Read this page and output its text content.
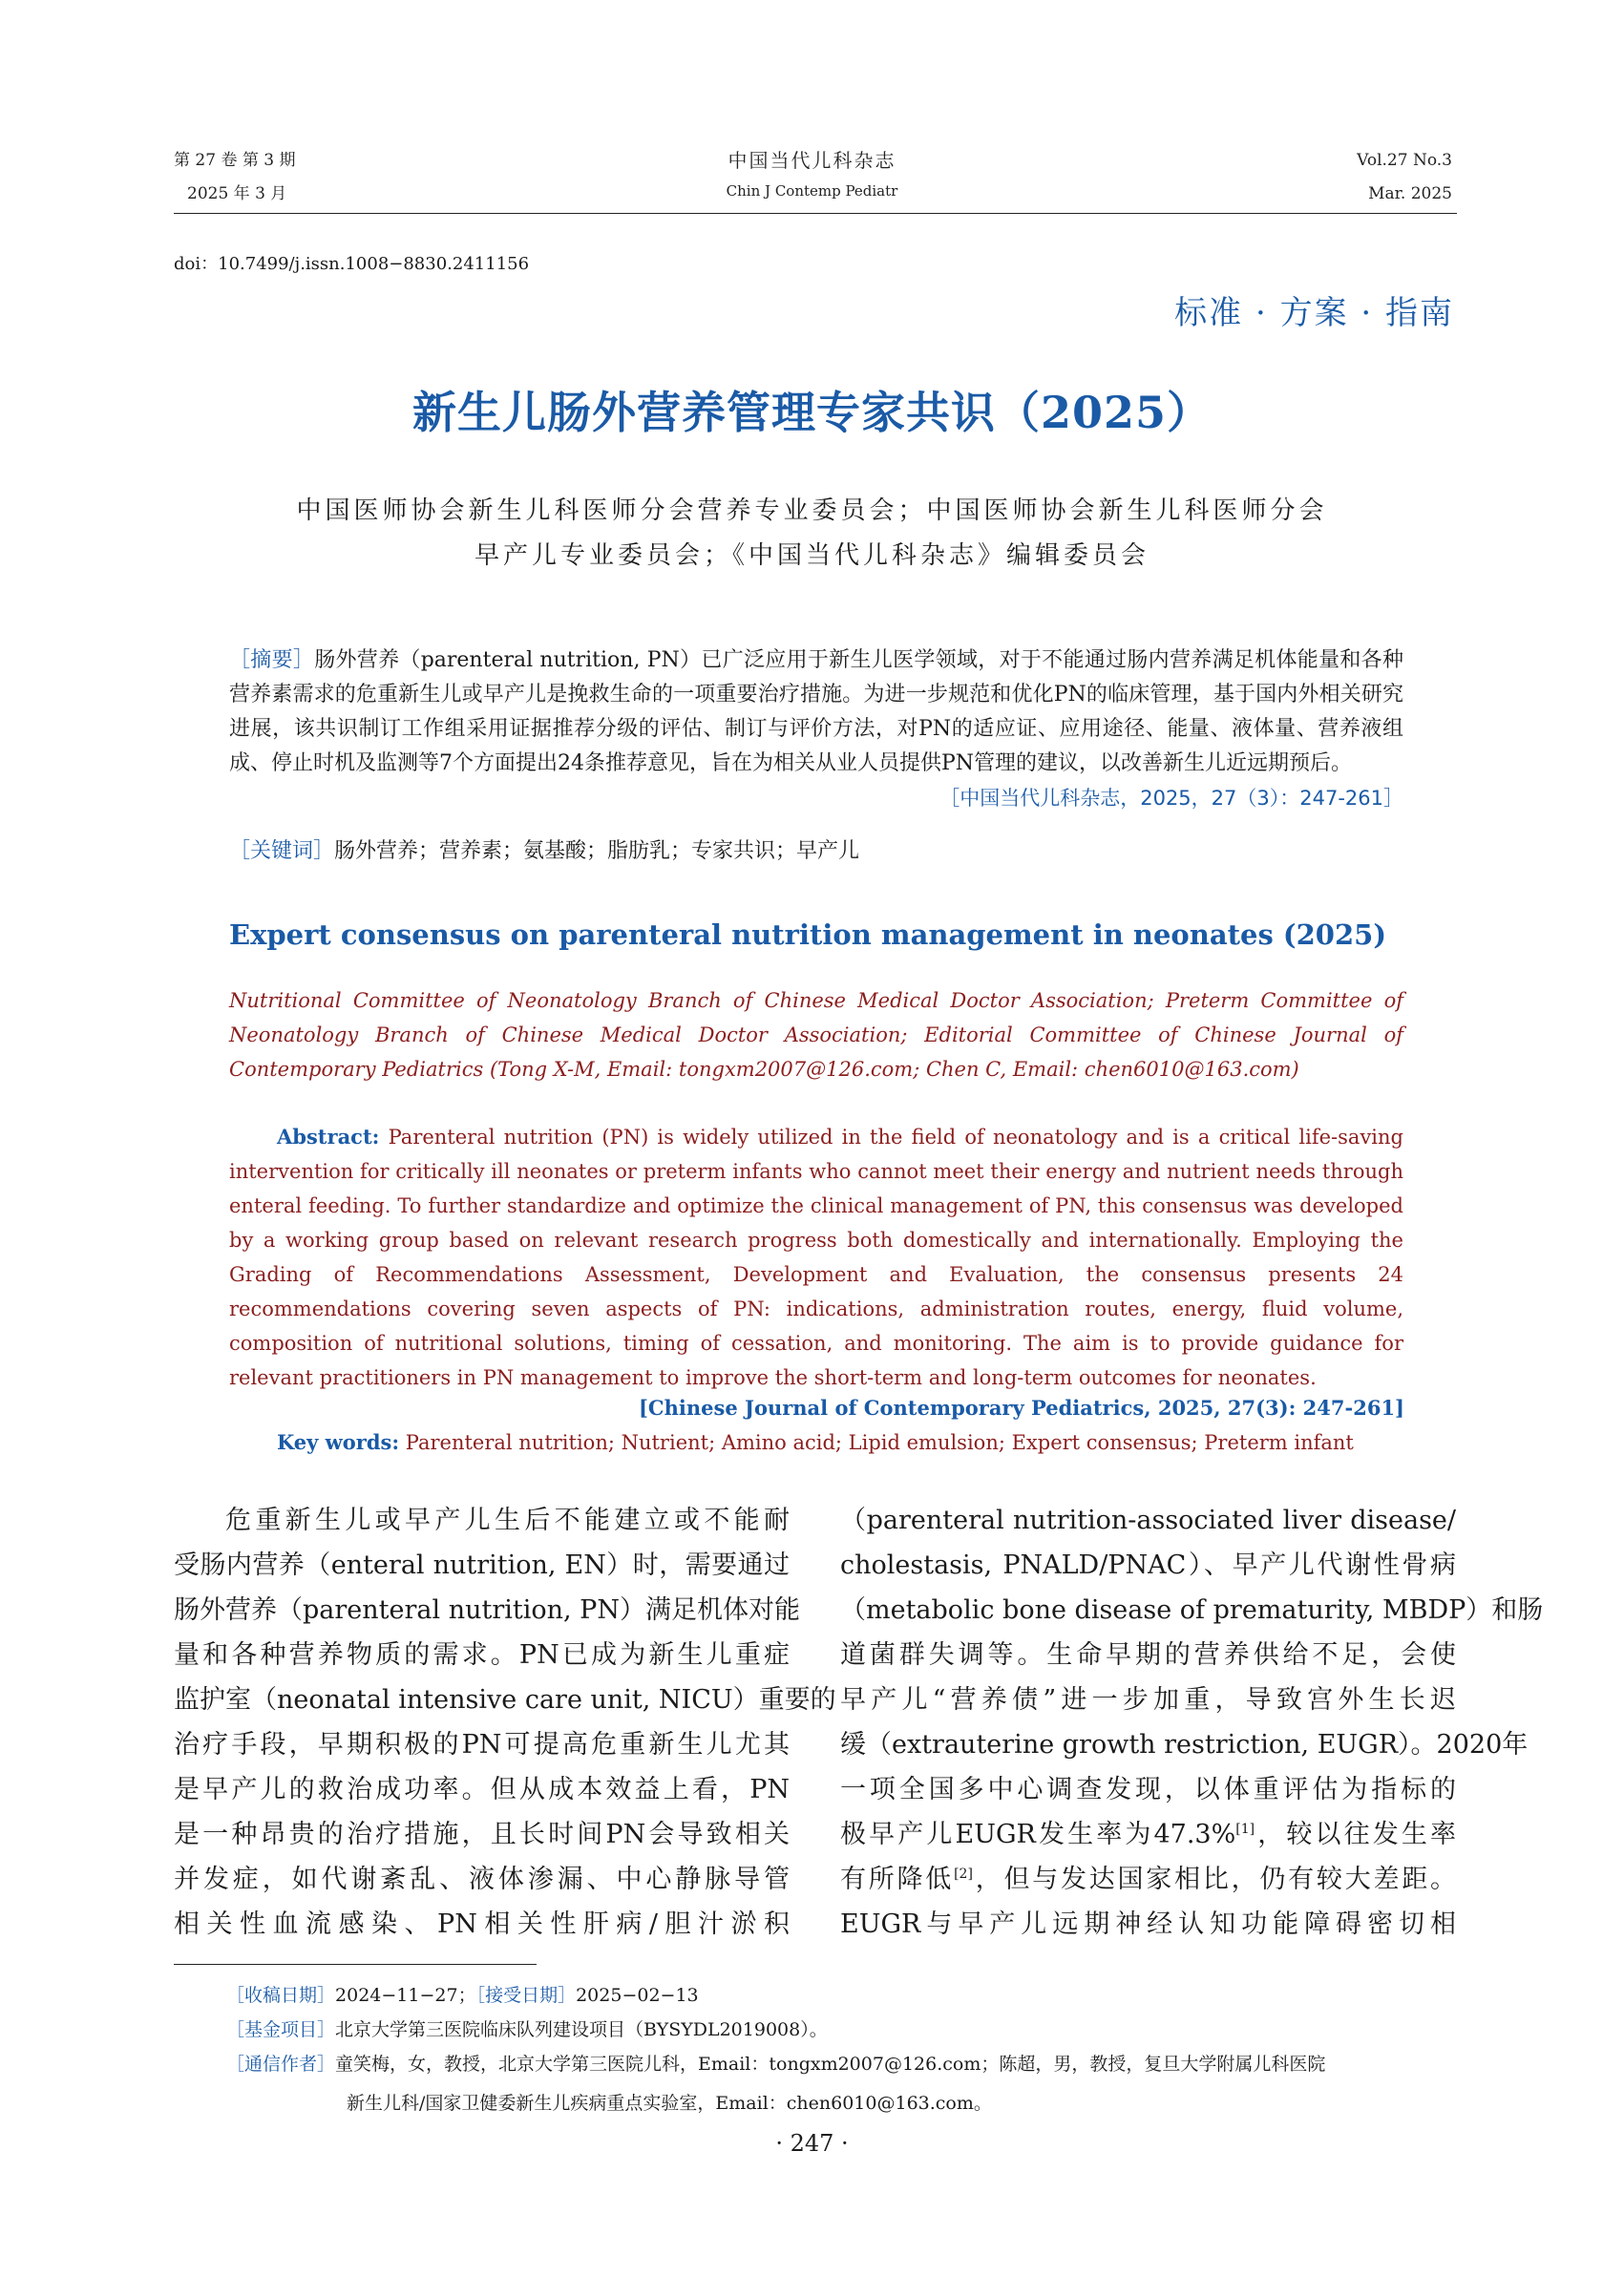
第 27 卷 第 3 期
2025 年 3 月
中国当代儿科杂志
Chin J Contemp Pediatr
Vol.27 No.3
Mar. 2025
doi：10.7499/j.issn.1008−8830.2411156
标准 · 方案 · 指南
新生儿肠外营养管理专家共识（2025）
中国医师协会新生儿科医师分会营养专业委员会；中国医师协会新生儿科医师分会
早产儿专业委员会；《中国当代儿科杂志》编辑委员会
［摘要］肠外营养（parenteral nutrition, PN）已广泛应用于新生儿医学领域，对于不能通过肠内营养满足机体能量和各种营养素需求的危重新生儿或早产儿是挽救生命的一项重要治疗措施。为进一步规范和优化PN的临床管理，基于国内外相关研究进展，该共识制订工作组采用证据推荐分级的评估、制订与评价方法，对PN的适应证、应用途径、能量、液体量、营养液组成、停止时机及监测等7个方面提出24条推荐意见，旨在为相关从业人员提供PN管理的建议，以改善新生儿近远期预后。
［中国当代儿科杂志，2025，27（3）：247-261］
［关键词］肠外营养；营养素；氨基酸；脂肪乳；专家共识；早产儿
Expert consensus on parenteral nutrition management in neonates (2025)
Nutritional Committee of Neonatology Branch of Chinese Medical Doctor Association; Preterm Committee of Neonatology Branch of Chinese Medical Doctor Association; Editorial Committee of Chinese Journal of Contemporary Pediatrics (Tong X-M, Email: tongxm2007@126.com; Chen C, Email: chen6010@163.com)
Abstract: Parenteral nutrition (PN) is widely utilized in the field of neonatology and is a critical life-saving intervention for critically ill neonates or preterm infants who cannot meet their energy and nutrient needs through enteral feeding. To further standardize and optimize the clinical management of PN, this consensus was developed by a working group based on relevant research progress both domestically and internationally. Employing the Grading of Recommendations Assessment, Development and Evaluation, the consensus presents 24 recommendations covering seven aspects of PN: indications, administration routes, energy, fluid volume, composition of nutritional solutions, timing of cessation, and monitoring. The aim is to provide guidance for relevant practitioners in PN management to improve the short-term and long-term outcomes for neonates.
[Chinese Journal of Contemporary Pediatrics, 2025, 27(3): 247-261]
Key words: Parenteral nutrition; Nutrient; Amino acid; Lipid emulsion; Expert consensus; Preterm infant
危重新生儿或早产儿生后不能建立或不能耐
受肠内营养（enteral nutrition, EN）时，需要通过
肠外营养（parenteral nutrition, PN）满足机体对能
量和各种营养物质的需求。PN已成为新生儿重症
监护室（neonatal intensive care unit, NICU）重要的
治疗手段，早期积极的PN可提高危重新生儿尤其
是早产儿的救治成功率。但从成本效益上看，PN
是一种昂贵的治疗措施，且长时间PN会导致相关
并发症，如代谢紊乱、液体渗漏、中心静脉导管
相关性血流感染、PN相关性肝病/胆汁淤积
（parenteral nutrition-associated liver disease/
cholestasis, PNALD/PNAC）、早产儿代谢性骨病
（metabolic bone disease of prematurity, MBDP）和肠
道菌群失调等。生命早期的营养供给不足，会使
早产儿“营养债”进一步加重，导致宫外生长迟
缓（extrauterine growth restriction, EUGR）。2020年
一项全国多中心调查发现，以体重评估为指标的
极早产儿EUGR发生率为47.3%[1]，较以往发生率
有所降低[2]，但与发达国家相比，仍有较大差距。
EUGR与早产儿远期神经认知功能障碍密切相
［收稿日期］2024−11−27；［接受日期］2025−02−13
［基金项目］北京大学第三医院临床队列建设项目（BYSYDL2019008）。
［通信作者］童笑梅，女，教授，北京大学第三医院儿科，Email：tongxm2007@126.com；陈超，男，教授，复旦大学附属儿科医院
新生儿科/国家卫健委新生儿疾病重点实验室，Email：chen6010@163.com。
· 247 ·
